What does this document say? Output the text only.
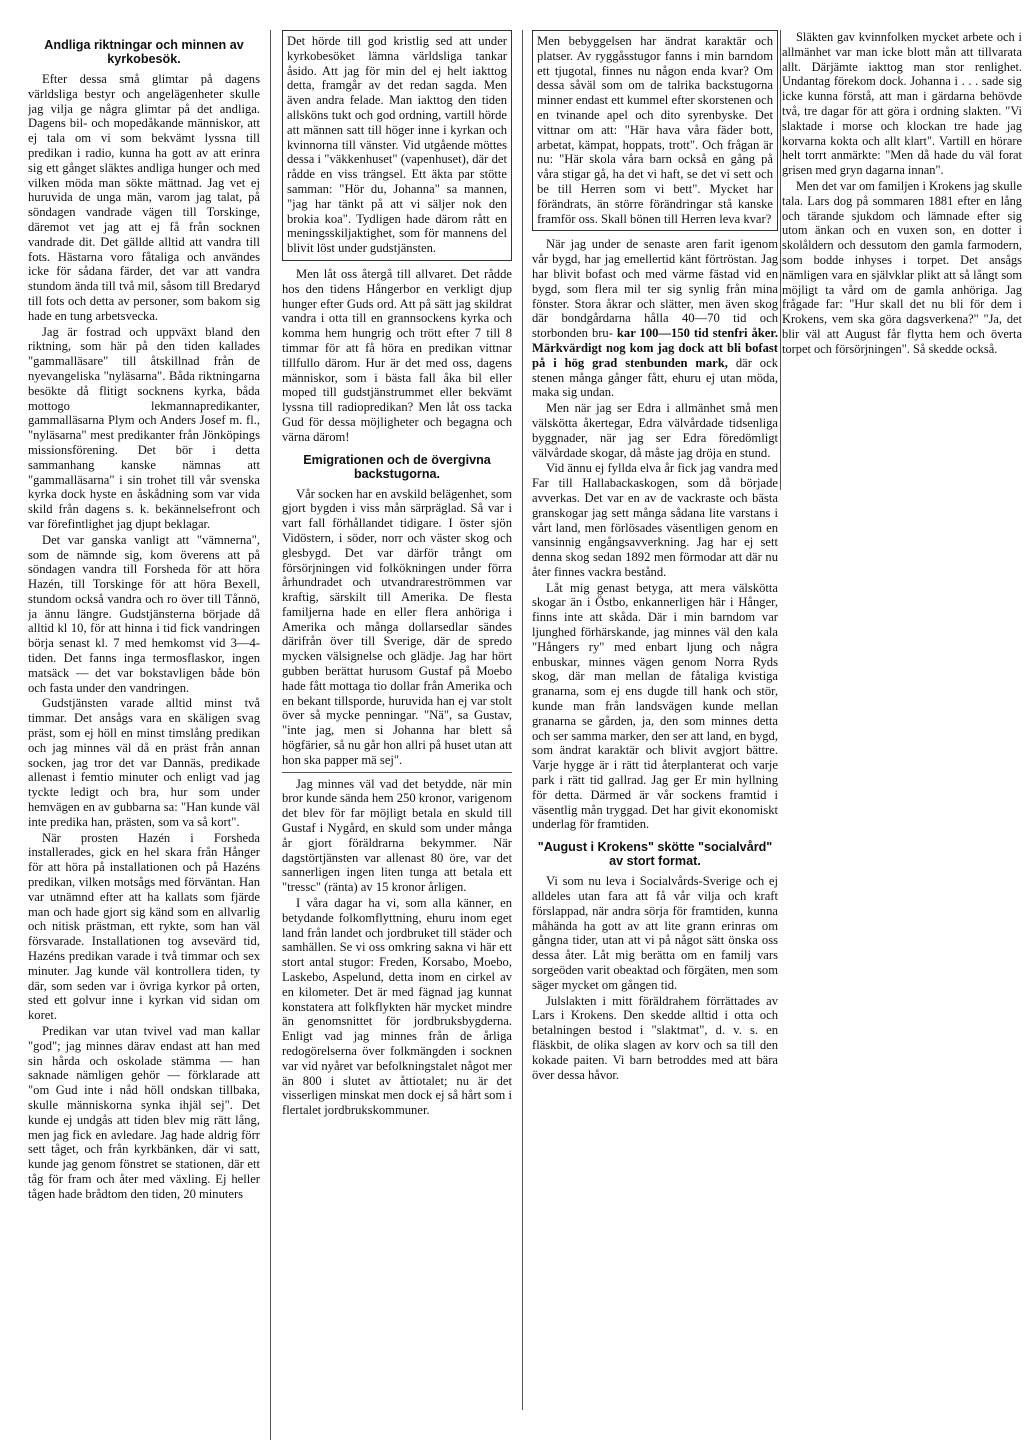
Andliga riktningar och minnen av kyrkobesök.

Efter dessa små glimtar på dagens världsliga bestyr och angelägenheter skulle jag vilja ge några glimtar på det andliga. Dagens bil- och mopedåkande människor, att ej tala om vi som bekvämt lyssna till predikan i radio, kunna ha gott av att erinra sig ett gånget släktes andliga hunger och med vilken möda man sökte mättnad. Jag vet ej huruvida de unga män, varom jag talat, på söndagen vandrade vägen till Torskinge, däremot vet jag att ej få från socknen vandrade dit. Det gällde alltid att vandra till fots. Hästarna voro fåtaliga och användes icke för sådana färder, det var att vandra stundom ända till två mil, såsom till Bredaryd till fots och detta av personer, som bakom sig hade en tung arbetsvecka.

Jag är fostrad och uppväxt bland den riktning, som här på den tiden kallades "gammalläsare" till åtskillnad från de nyevangeliska "nyläsarna". Båda riktningarna besökte då flitigt socknens kyrka, båda mottogo lekmannapredikanter, gammalläsarna Plym och Anders Josef m. fl., "nyläsarna" mest predikanter från Jönköpings missionsförening. Det bör i detta sammanhang kanske nämnas att "gammalläsarna" i sin trohet till vår svenska kyrka dock hyste en åskådning som var vida skild från dagens s. k. bekännelsefront och var förefintlighet jag djupt beklagar.

Det var ganska vanligt att "vämnerna", som de nämnde sig, kom överens att på söndagen vandra till Forsheda för att höra Hazén, till Torskinge för att höra Bexell, stundom också vandra och ro över till Tånnö, ja ännu längre. Gudstjänsterna började då alltid kl 10, för att hinna i tid fick vandringen börja senast kl. 7 med hemkomst vid 3—4-tiden. Det fanns inga termosflaskor, ingen matsäck — det var bokstavligen både bön och fasta under den vandringen.

Gudstjänsten varade alltid minst två timmar. Det ansågs vara en skäligen svag präst, som ej höll en minst timslång predikan och jag minnes väl då en präst från annan socken, jag tror det var Dannäs, predikade allenast i femtio minuter och enligt vad jag tyckte ledigt och bra, hur som under hemvägen en av gubbarna sa: "Han kunde väl inte predika han, prästen, som va så kort".

När prosten Hazén i Forsheda installerades, gick en hel skara från Hånger för att höra på installationen och på Hazéns predikan, vilken motsågs med förväntan. Han var utnämnd efter att ha kallats som fjärde man och hade gjort sig känd som en allvarlig och nitisk prästman, ett rykte, som han väl försvarade. Installationen tog avsevärd tid, Hazéns predikan varade i två timmar och sex minuter. Jag kunde väl kontrollera tiden, ty där, som seden var i övriga kyrkor på orten, sted ett golvur inne i kyrkan vid sidan om koret.

Predikan var utan tvivel vad man kallar "god"; jag minnes därav endast att han med sin hårda och oskolade stämma — han saknade nämligen gehör — förklarade att "om Gud inte i nåd höll ondskan tillbaka, skulle människorna synka ihjäl sej". Det kunde ej undgås att tiden blev mig rätt lång, men jag fick en avledare. Jag hade aldrig förr sett tåget, och från kyrkbänken, där vi satt, kunde jag genom fönstret se stationen, där ett tåg för fram och åter med växling. Ej heller tågen hade brådtom den tiden, 20 minuters

Det hörde till god kristlig sed att under kyrkobesöket lämna världsliga tankar åsido. Att jag för min del ej helt iakttog detta, framgår av det redan sagda. Men även andra felade. Man iakttog den tiden allsköns tukt och god ordning, vartill hörde att männen satt till höger inne i kyrkan och kvinnorna till vänster. Vid utgående möttes dessa i "väkkenhuset" (vapenhuset), där det rådde en viss trängsel. Ett äkta par stötte samman: "Hör du, Johanna" sa mannen, "jag har tänkt på att vi säljer nok den brokia koa". Tydligen hade därom rått en meningsskiljaktighet, som för mannens del blivit löst under gudstjänsten.

Men låt oss återgå till allvaret. Det rådde hos den tidens Hångerbor en verkligt djup hunger efter Guds ord. Att på sätt jag skildrat vandra i otta till en grannsockens kyrka och komma hem hungrig och trött efter 7 till 8 timmar för att få höra en predikan vittnar tillfullo därom. Hur är det med oss, dagens människor, som i bästa fall åka bil eller moped till gudstjänstrummet eller bekvämt lyssna till radiopredikan? Men låt oss tacka Gud för dessa möjligheter och begagna och värna därom!

Emigrationen och de övergivna backstugorna.

Vår socken har en avskild belägenhet, som gjort bygden i viss mån särpräglad. Så var i vart fall förhållandet tidigare. I öster sjön Vidöstern, i söder, norr och väster skog och glesbygd. Det var därför trångt om försörjningen vid folkökningen under förra århundradet och utvandrareströmmen var kraftig, särskilt till Amerika. De flesta familjerna hade en eller flera anhöriga i Amerika och många dollarsedlar sändes därifrån över till Sverige, där de spredo mycken välsignelse och glädje. Jag har hört gubben berättat hurusom Gustaf på Moebo hade fått mottaga tio dollar från Amerika och en bekant tillsporde, huruvida han ej var stolt över så mycke penningar. "Nä", sa Gustav, "inte jag, men si Johanna har blett så högfärier, så nu går hon allri på huset utan att hon ska papper mä sej".

Jag minnes väl vad det betydde, när min bror kunde sända hem 250 kronor, varigenom det blev för far möjligt betala en skuld till Gustaf i Nygård, en skuld som under många år gjort föräldrarna bekymmer. När dagstörtjänsten var allenast 80 öre, var det sannerligen ingen liten tunga att betala ett "tressc" (ränta) av 15 kronor årligen.

I våra dagar ha vi, som alla känner, en betydande folkomflyttning, ehuru inom eget land från landet och jordbruket till städer och samhällen. Se vi oss omkring sakna vi här ett stort antal stugor: Freden, Korsabo, Moebo, Laskebo, Aspelund, detta inom en cirkel av en kilometer. Det är med fägnad jag kunnat konstatera att folkflykten här mycket mindre än genomsnittet för jordbruksbygderna. Enligt vad jag minnes från de årliga redogörelserna över folkmängden i socknen var vid nyåret var befolkningstalet något mer än 800 i slutet av åttiotalet; nu är det visserligen minskat men dock ej så hårt som i flertalet jordbrukskommuner.

Men bebyggelsen har ändrat karaktär och platser. Av ryggåsstugor fanns i min barndom ett tjugotal, finnes nu någon enda kvar? Om dessa såväl som om de talrika backstugorna minner endast ett kummel efter skorstenen och en tvinande apel och dito syrenbyske. Det vittnar om att: "Här hava våra fäder bott, arbetat, kämpat, hoppats, trott". Och frågan är nu: "Här skola våra barn också en gång på våra stigar gå, ha det vi haft, se det vi sett och be till Herren som vi bett". Mycket har förändrats, än större förändringar stå kanske framför oss. Skall bönen till Herren leva kvar?

När jag under de senaste aren farit igenom vår bygd, har jag emellertid känt förtröstan. Jag har blivit bofast och med värme fästad vid en bygd, som flera mil ter sig synlig från mina fönster. Stora åkrar och slätter, men även skog där bondgårdarna hålla 40—70 tid och storbonden bru- kar 100—150 tid stenfri åker. Märkvärdigt nog kom jag dock att bli bofast på i hög grad stenbunden mark, där ock stenen många gånger fått, ehuru ej utan möda, maka sig undan.

Men när jag ser Edra i allmänhet små men välskötta åkertegar, Edra välvårdade tidsenliga byggnader, när jag ser Edra föredömligt välvårdade skogar, då måste jag dröja en stund.

Vid ännu ej fyllda elva år fick jag vandra med Far till Hallabackaskogen, som då började avverkas. Det var en av de vackraste och bästa granskogar jag sett många sådana lite varstans i vårt land, men förlösades väsentligen genom en vansinnig engångsavverkning. Jag har ej sett denna skog sedan 1892 men förmodar att där nu åter finnes vackra bestånd.

Låt mig genast betyga, att mera välskötta skogar än i Östbo, enkannerligen här i Hånger, finns inte att skåda. Där i min barndom var ljunghed förhärskande, jag minnes väl den kala "Hångers ry" med enbart ljung och några enbuskar, minnes vägen genom Norra Ryds skog, där man mellan de fåtaliga kvistiga granarna, som ej ens dugde till hank och stör, kunde man från landsvägen kunde mellan granarna se gården, ja, den som minnes detta och ser samma marker, den ser att land, en bygd, som ändrat karaktär och blivit avgjort bättre. Varje hygge är i rätt tid återplanterat och varje park i rätt tid gallrad. Jag ger Er min hyllning för detta. Därmed är vår sockens framtid i väsentlig mån tryggad. Det har givit ekonomiskt underlag för framtiden.

"August i Krokens" skötte "socialvård" av stort format.

Vi som nu leva i Socialvårds-Sverige och ej alldeles utan fara att få vår vilja och kraft förslappad, när andra sörja för framtiden, kunna måhända ha gott av att lite grann erinras om gångna tider, utan att vi på något sätt önska oss dessa åter. Låt mig berätta om en familj vars sorgeöden varit obeaktad och förgäten, men som säger mycket om gången tid.

Julslakten i mitt föräldrahem förrättades av Lars i Krokens. Den skedde alltid i otta och betalningen bestod i "slaktmat", d. v. s. en fläskbit, de olika slagen av korv och sa till den kokade paiten. Vi barn betroddes med att bära över dessa håvor.

Släkten gav kvinnfolken mycket arbete och i allmänhet var man icke blott mån att tillvarata allt. Därjämte iakttog man stor renlighet. Undantag förekom dock. Johanna i . . . sade sig icke kunna förstå, att man i gärdarna behövde två, tre dagar för att göra i ordning slakten. "Vi slaktade i morse och klockan tre hade jag korvarna kokta och allt klart". Vartill en hörare helt torrt anmärkte: "Men då hade du väl forat grisen med gryn dagarna innan".

Men det var om familjen i Krokens jag skulle tala. Lars dog på sommaren 1881 efter en lång och tärande sjukdom och lämnade efter sig utom änkan och en vuxen son, en dotter i skolåldern och dessutom den gamla farmodern, som bodde inhyses i torpet. Det ansågs nämligen vara en självklar plikt att så långt som möjligt ta vård om de gamla anhöriga. Jag frågade far: "Hur skall det nu bli för dem i Krokens, vem ska göra dagsverkena?" "Ja, det blir väl att August får flytta hem och överta torpet och försörjningen". Så skedde också.
